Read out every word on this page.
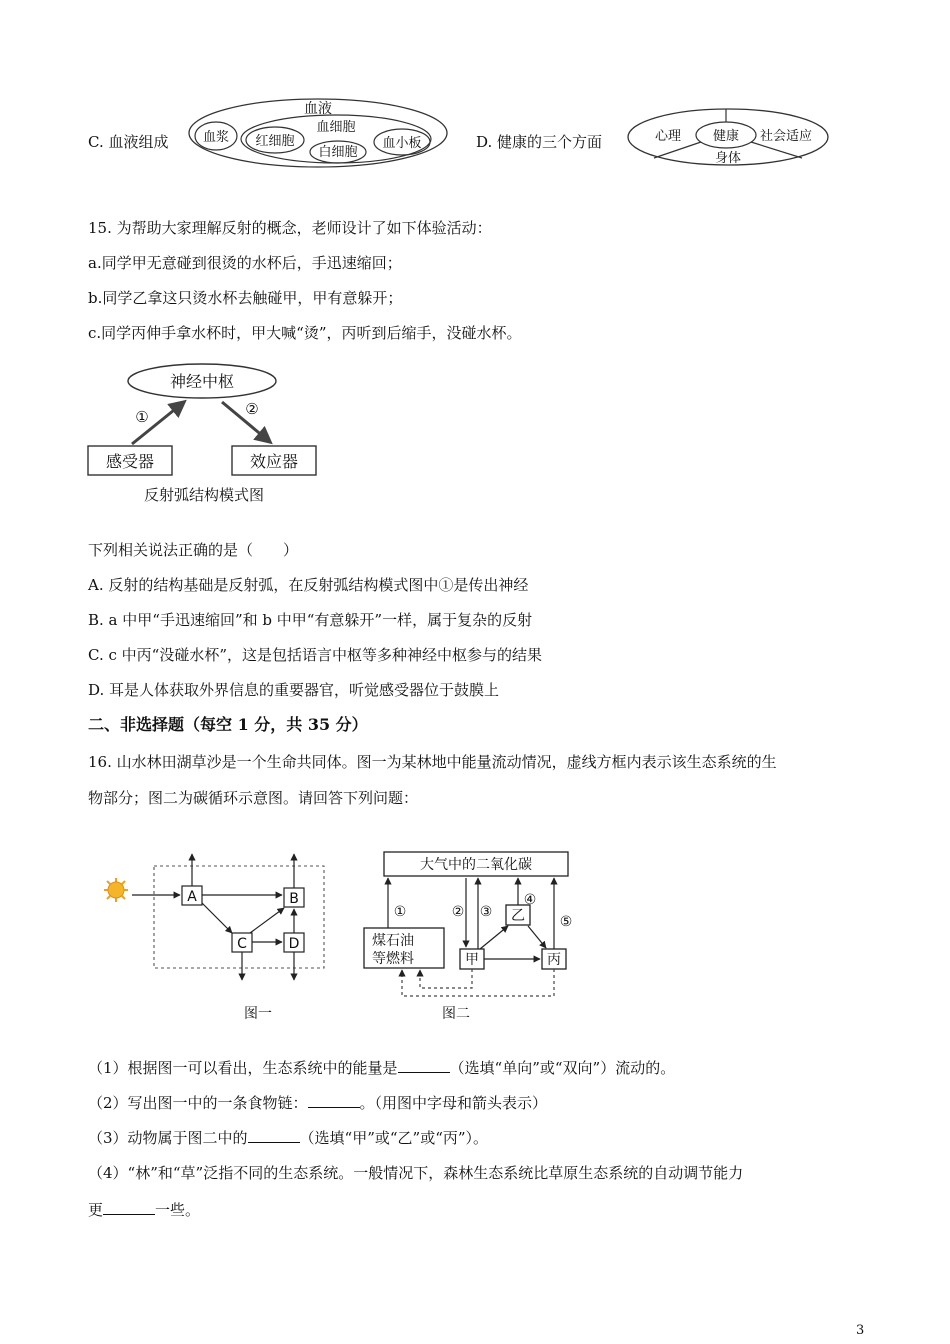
C. 血液组成
血液
血浆
血细胞
红细胞
白细胞
血小板	D. 健康的三个方面	心理 健康 社会适应
身体
15. 为帮助大家理解反射的概念，老师设计了如下体验活动：
a.同学甲无意碰到很烫的水杯后，手迅速缩回；
b.同学乙拿这只烫水杯去触碰甲，甲有意躲开；
c.同学丙伸手拿水杯时，甲大喊“烫”，丙听到后缩手，没碰水杯。
神经中枢
感受器	效应器
①	②
反射弧结构模式图
下列相关说法正确的是（　　）
A. 反射的结构基础是反射弧，在反射弧结构模式图中①是传出神经
B. a 中甲“手迅速缩回”和 b 中甲“有意躲开”一样，属于复杂的反射
C. c 中丙“没碰水杯”，这是包括语言中枢等多种神经中枢参与的结果
D. 耳是人体获取外界信息的重要器官，听觉感受器位于鼓膜上
二、非选择题（每空 1 分，共 35 分）
16. 山水林田湖草沙是一个生命共同体。图一为某林地中能量流动情况，虚线方框内表示该生态系统的生
物部分；图二为碳循环示意图。请回答下列问题：
A	B
C	D
图一
大气中的二氧化碳
煤石油
等燃料	甲
乙
丙
①	② ③
④
⑤
图二
（1）根据图一可以看出，生态系统中的能量是	（选填“单向”或“双向”）流动的。
（2）写出图一中的一条食物链：	。（用图中字母和箭头表示）
（3）动物属于图二中的	（选填“甲”或“乙”或“丙”）。
（4）“林”和“草”泛指不同的生态系统。一般情况下，森林生态系统比草原生态系统的自动调节能力
更	一些。
3
